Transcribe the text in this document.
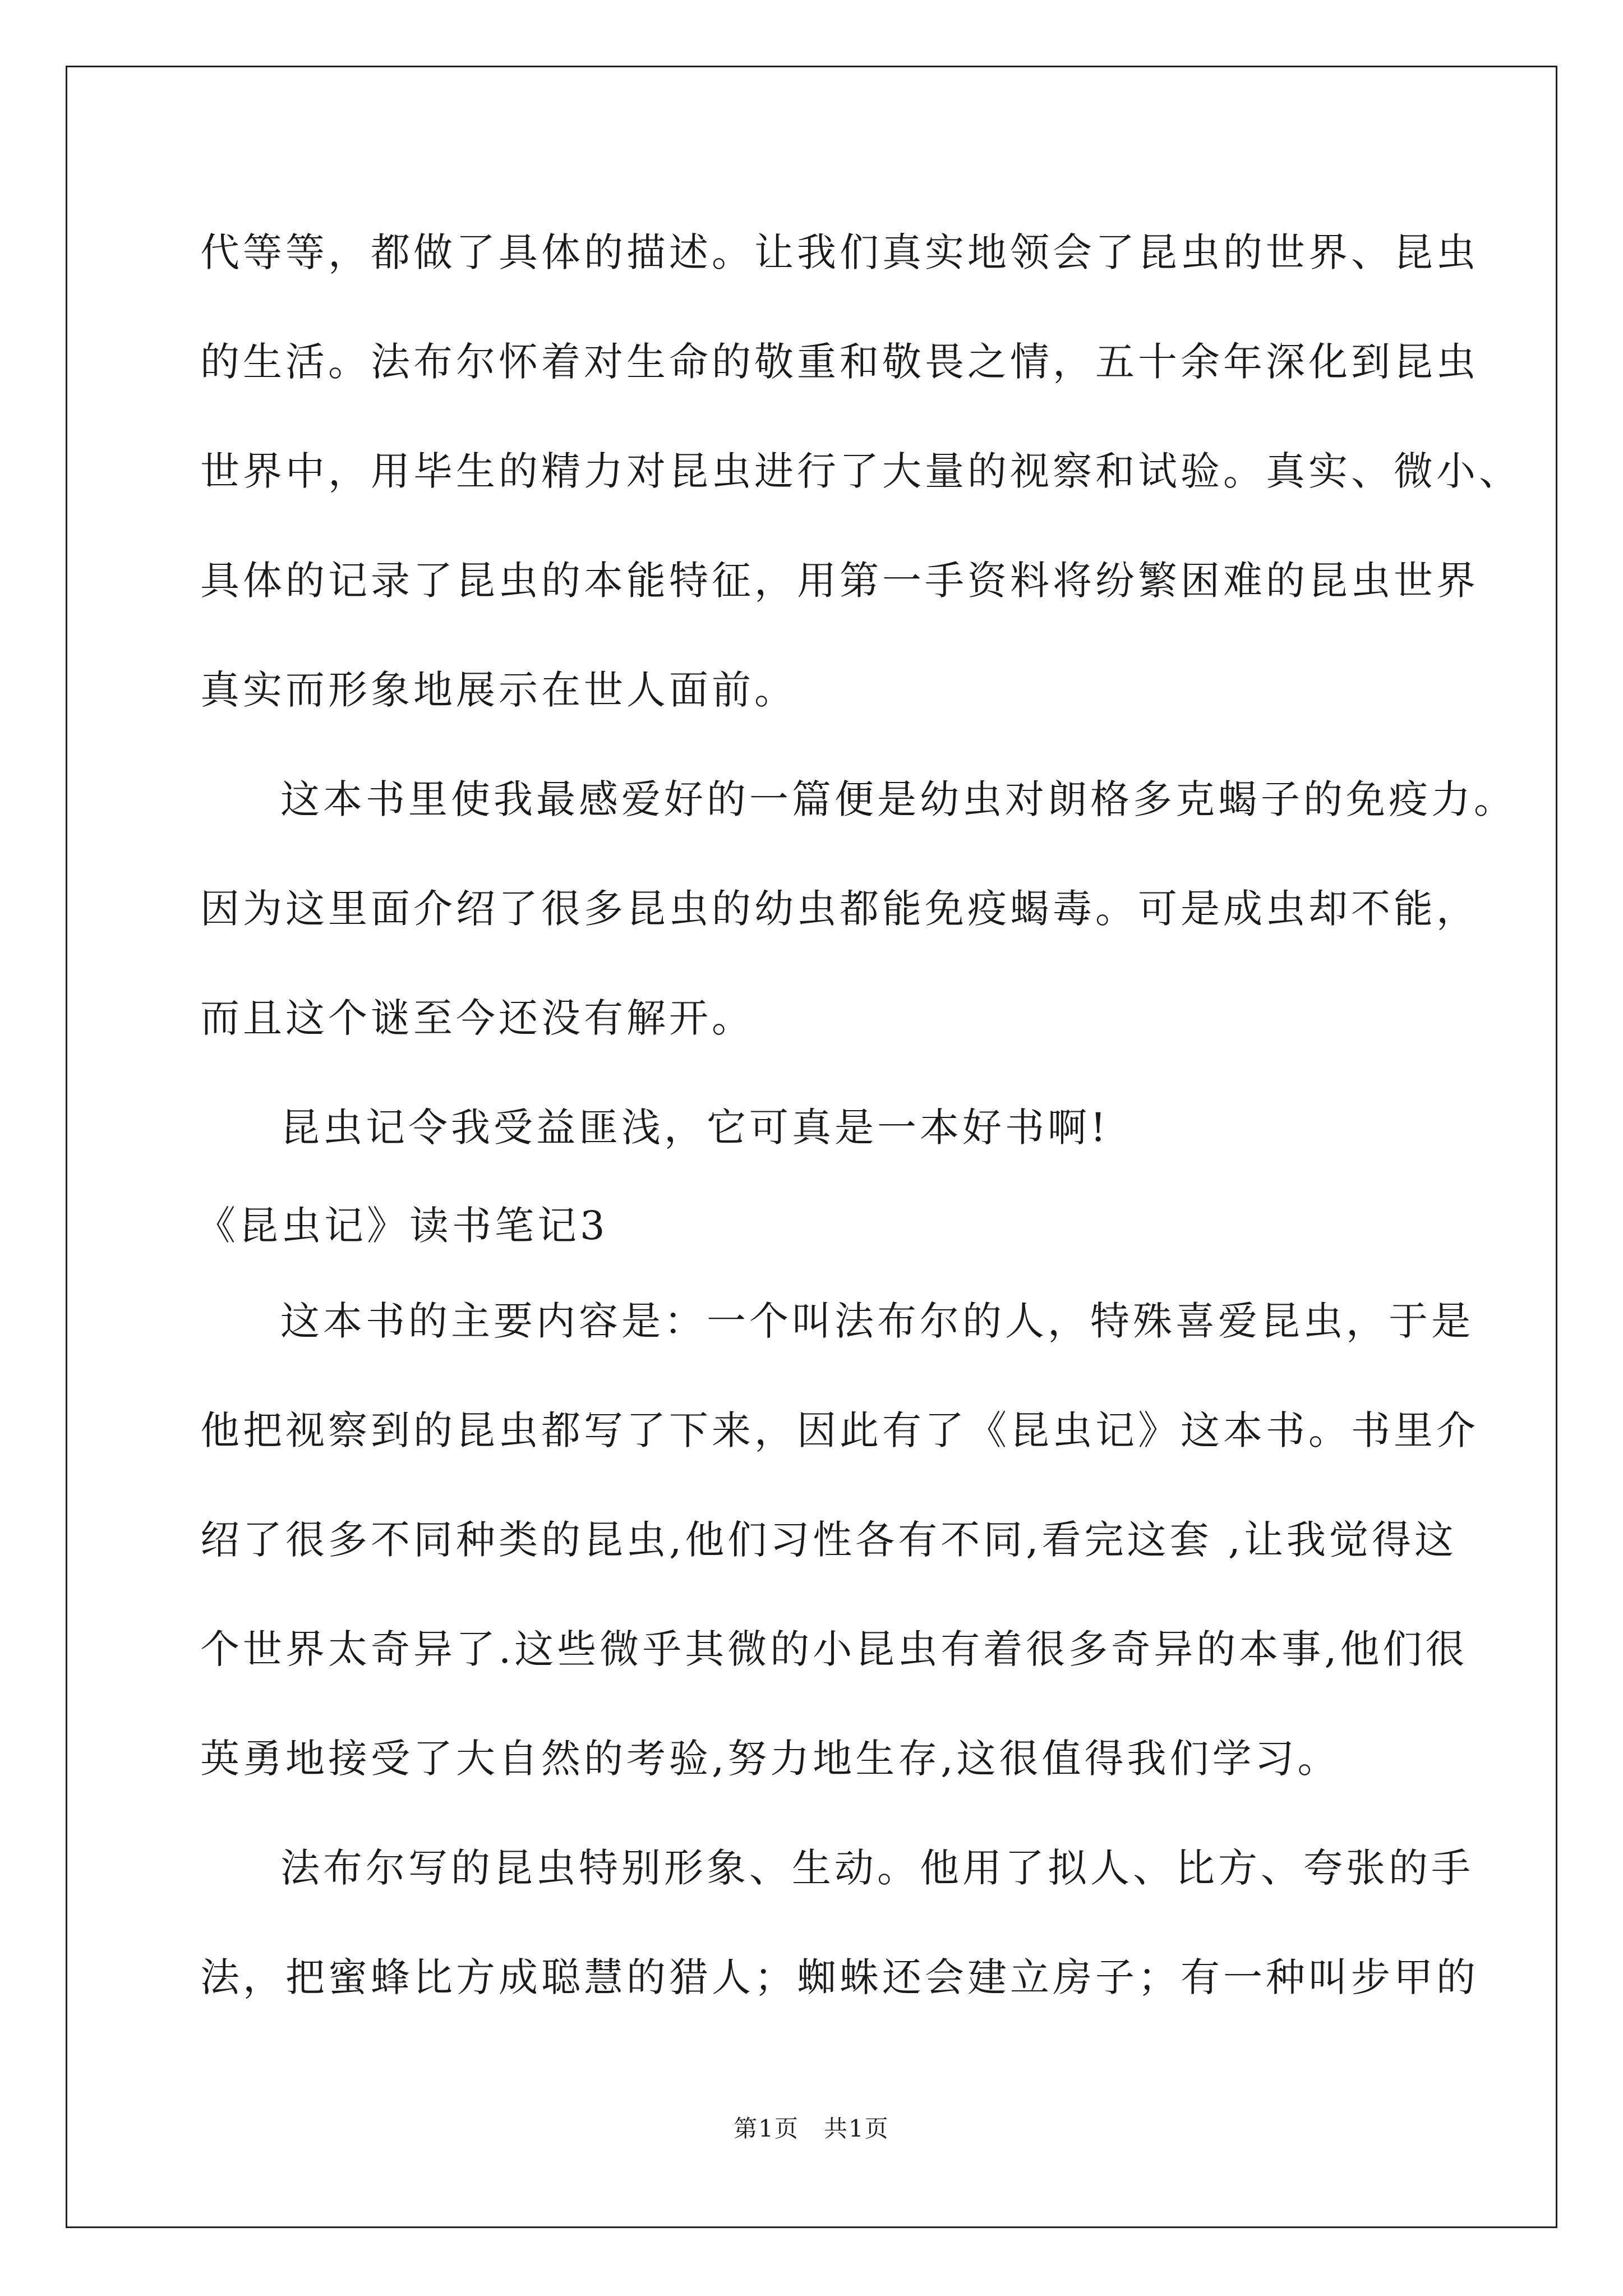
代等等，都做了具体的描述。让我们真实地领会了昆虫的世界、昆虫
的生活。法布尔怀着对生命的敬重和敬畏之情，五十余年深化到昆虫
世界中，用毕生的精力对昆虫进行了大量的视察和试验。真实、微小、
具体的记录了昆虫的本能特征，用第一手资料将纷繁困难的昆虫世界
真实而形象地展示在世人面前。
这本书里使我最感爱好的一篇便是幼虫对朗格多克蝎子的免疫力。
因为这里面介绍了很多昆虫的幼虫都能免疫蝎毒。可是成虫却不能，
而且这个谜至今还没有解开。
昆虫记令我受益匪浅，它可真是一本好书啊!
《昆虫记》读书笔记3
这本书的主要内容是：一个叫法布尔的人，特殊喜爱昆虫，于是
他把视察到的昆虫都写了下来，因此有了《昆虫记》这本书。书里介
绍了很多不同种类的昆虫,他们习性各有不同,看完这套 ,让我觉得这
个世界太奇异了.这些微乎其微的小昆虫有着很多奇异的本事,他们很
英勇地接受了大自然的考验,努力地生存,这很值得我们学习。
法布尔写的昆虫特别形象、生动。他用了拟人、比方、夸张的手
法，把蜜蜂比方成聪慧的猎人；蜘蛛还会建立房子；有一种叫步甲的
第1页　共1页
